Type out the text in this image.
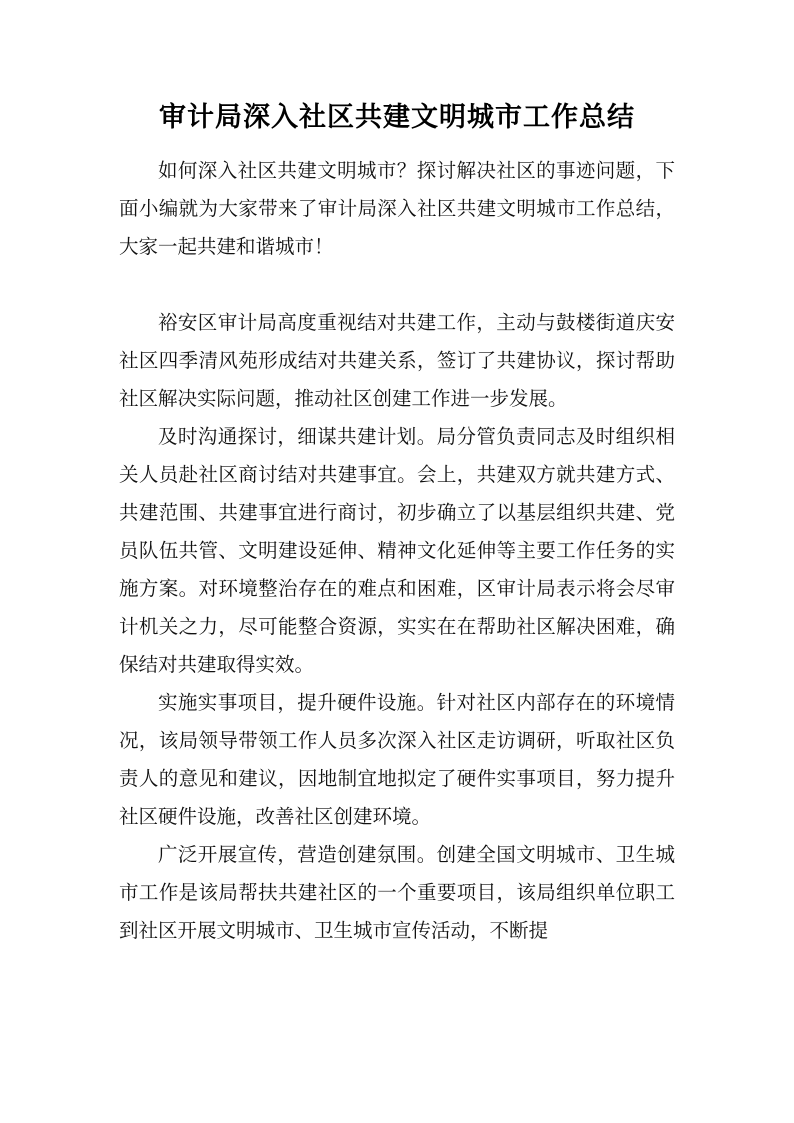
审计局深入社区共建文明城市工作总结

如何深入社区共建文明城市？探讨解决社区的事迹问题，下面小编就为大家带来了审计局深入社区共建文明城市工作总结，大家一起共建和谐城市！

裕安区审计局高度重视结对共建工作，主动与鼓楼街道庆安社区四季清风苑形成结对共建关系，签订了共建协议，探讨帮助社区解决实际问题，推动社区创建工作进一步发展。

及时沟通探讨，细谋共建计划。局分管负责同志及时组织相关人员赴社区商讨结对共建事宜。会上，共建双方就共建方式、共建范围、共建事宜进行商讨，初步确立了以基层组织共建、党员队伍共管、文明建设延伸、精神文化延伸等主要工作任务的实施方案。对环境整治存在的难点和困难，区审计局表示将会尽审计机关之力，尽可能整合资源，实实在在帮助社区解决困难，确保结对共建取得实效。

实施实事项目，提升硬件设施。针对社区内部存在的环境情况，该局领导带领工作人员多次深入社区走访调研，听取社区负责人的意见和建议，因地制宜地拟定了硬件实事项目，努力提升社区硬件设施，改善社区创建环境。

广泛开展宣传，营造创建氛围。创建全国文明城市、卫生城市工作是该局帮扶共建社区的一个重要项目，该局组织单位职工到社区开展文明城市、卫生城市宣传活动，不断提
